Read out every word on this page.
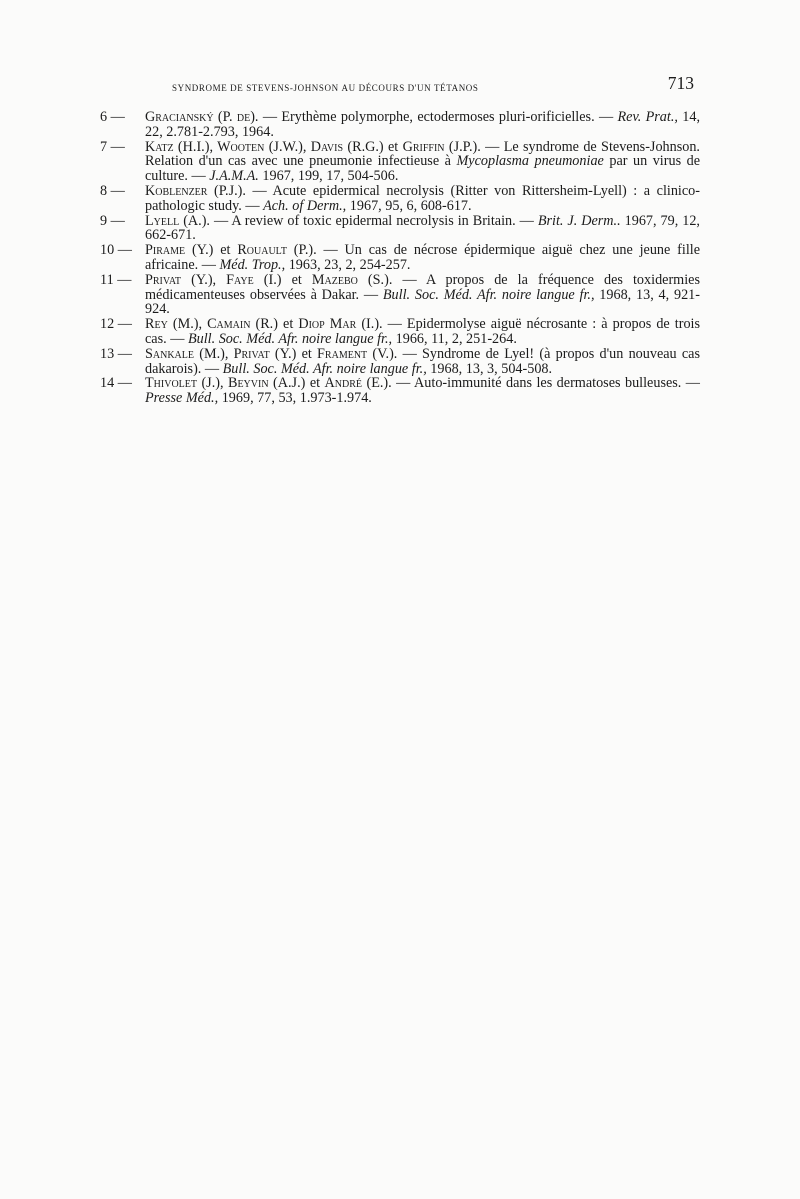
syndrome de stevens-johnson au décours d'un tétanos	713
6 —	Gracianský (P. de). — Erythème polymorphe, ectodermoses pluri-orificielles. — Rev. Prat., 14, 22, 2.781-2.793, 1964.
7 —	Katz (H.I.), Wooten (J.W.), Davis (R.G.) et Griffin (J.P.). — Le syndrome de Stevens-Johnson. Relation d'un cas avec une pneumonie infectieuse à Mycoplasma pneumoniae par un virus de culture. — J.A.M.A. 1967, 199, 17, 504-506.
8 —	Koblenzer (P.J.). — Acute epidermical necrolysis (Ritter von Rittersheim-Lyell) : a clinico-pathologic study. — Ach. of Derm., 1967, 95, 6, 608-617.
9 —	Lyell (A.). — A review of toxic epidermal necrolysis in Britain. — Brit. J. Derm.. 1967, 79, 12, 662-671.
10 — Pirame (Y.) et Rouault (P.). — Un cas de nécrose épidermique aiguë chez une jeune fille africaine. — Méd. Trop., 1963, 23, 2, 254-257.
11 — Privat (Y.), Faye (I.) et Mazebo (S.). — A propos de la fréquence des toxidermies médicamenteuses observées à Dakar. — Bull. Soc. Méd. Afr. noire langue fr., 1968, 13, 4, 921-924.
12 — Rey (M.), Camain (R.) et Diop Mar (I.). — Epidermolyse aiguë nécrosante : à propos de trois cas. — Bull. Soc. Méd. Afr. noire langue fr., 1966, 11, 2, 251-264.
13 — Sankale (M.), Privat (Y.) et Frament (V.). — Syndrome de Lyel! (à propos d'un nouveau cas dakarois). — Bull. Soc. Méd. Afr. noire langue fr., 1968, 13, 3, 504-508.
14 — Thivolet (J.), Beyvin (A.J.) et André (E.). — Auto-immunité dans les dermatoses bulleuses. — Presse Méd., 1969, 77, 53, 1.973-1.974.
